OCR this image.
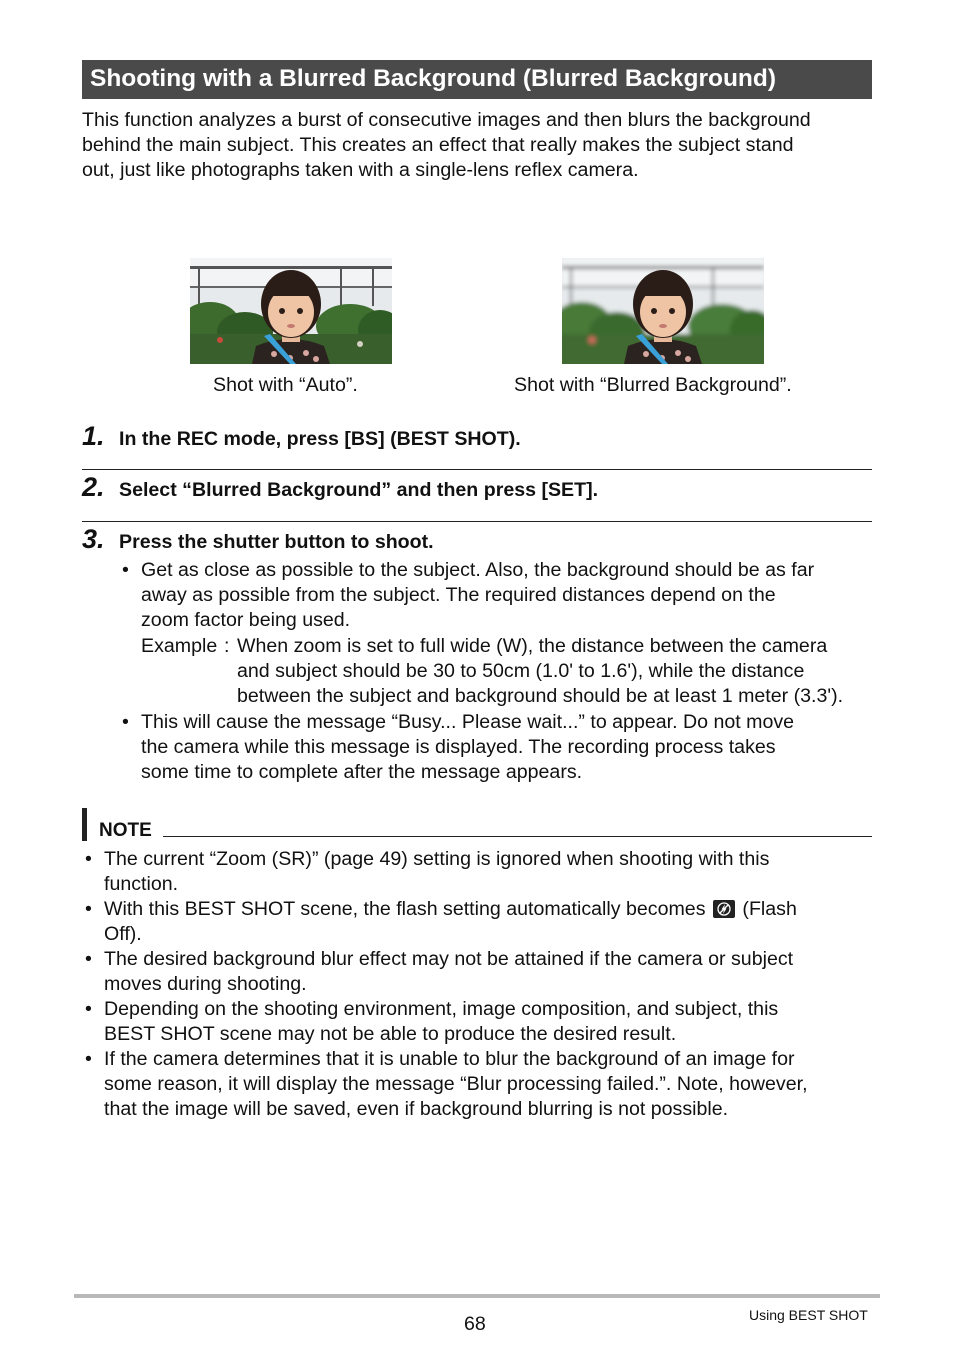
Shooting with a Blurred Background (Blurred Background)
This function analyzes a burst of consecutive images and then blurs the background
behind the main subject. This creates an effect that really makes the subject stand
out, just like photographs taken with a single-lens reflex camera.
Shot with “Auto”.	Shot with “Blurred Background”.
1. In the REC mode, press [BS] (BEST SHOT).
2. Select “Blurred Background” and then press [SET].
3. Press the shutter button to shoot.
• Get as close as possible to the subject. Also, the background should be as far
away as possible from the subject. The required distances depend on the
zoom factor being used.
Example : When zoom is set to full wide (W), the distance between the camera
and subject should be 30 to 50cm (1.0' to 1.6'), while the distance
between the subject and background should be at least 1 meter (3.3').
• This will cause the message “Busy... Please wait...” to appear. Do not move
the camera while this message is displayed. The recording process takes
some time to complete after the message appears.
NOTE
• The current “Zoom (SR)” (page 49) setting is ignored when shooting with this
function.
• With this BEST SHOT scene, the flash setting automatically becomes (Flash
Off).
• The desired background blur effect may not be attained if the camera or subject
moves during shooting.
• Depending on the shooting environment, image composition, and subject, this
BEST SHOT scene may not be able to produce the desired result.
• If the camera determines that it is unable to blur the background of an image for
some reason, it will display the message “Blur processing failed.”. Note, however,
that the image will be saved, even if background blurring is not possible.
68	Using BEST SHOT
